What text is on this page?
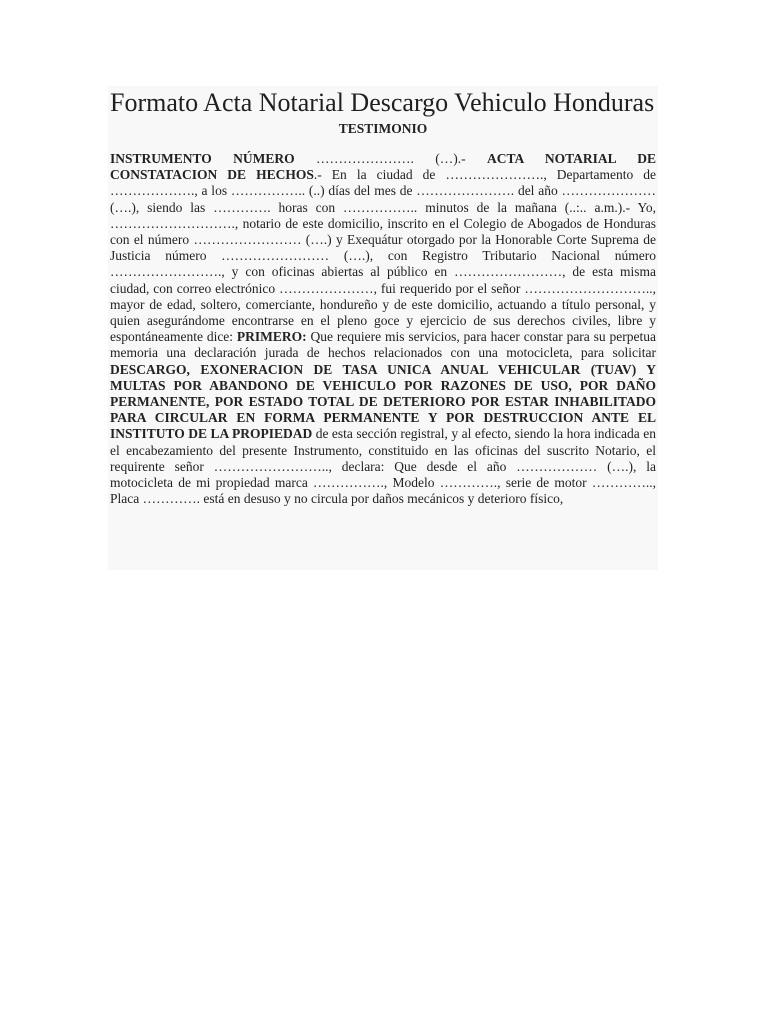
Formato Acta Notarial Descargo Vehiculo Honduras
TESTIMONIO

INSTRUMENTO NÚMERO …………………. (…).- ACTA NOTARIAL DE CONSTATACION DE HECHOS.- En la ciudad de …………………., Departamento de ………………., a los …………….. (..) días del mes de …………………. del año ………………… (….), siendo las …………. horas con …………….. minutos de la mañana (..:.. a.m.).- Yo, ………………………., notario de este domicilio, inscrito en el Colegio de Abogados de Honduras con el número …………………… (….) y Exequátur otorgado por la Honorable Corte Suprema de Justicia número …………………… (….), con Registro Tributario Nacional número ……………………., y con oficinas abiertas al público en ……………………, de esta misma ciudad, con correo electrónico …………………, fui requerido por el señor ……………………….., mayor de edad, soltero, comerciante, hondureño y de este domicilio, actuando a título personal, y quien asegurándome encontrarse en el pleno goce y ejercicio de sus derechos civiles, libre y espontáneamente dice: PRIMERO: Que requiere mis servicios, para hacer constar para su perpetua memoria una declaración jurada de hechos relacionados con una motocicleta, para solicitar DESCARGO, EXONERACION DE TASA UNICA ANUAL VEHICULAR (TUAV) Y MULTAS POR ABANDONO DE VEHICULO POR RAZONES DE USO, POR DAÑO PERMANENTE, POR ESTADO TOTAL DE DETERIORO POR ESTAR INHABILITADO PARA CIRCULAR EN FORMA PERMANENTE Y POR DESTRUCCION ANTE EL INSTITUTO DE LA PROPIEDAD de esta sección registral, y al efecto, siendo la hora indicada en el encabezamiento del presente Instrumento, constituido en las oficinas del suscrito Notario, el requirente señor …………………….., declara: Que desde el año ……………… (….), la motocicleta de mi propiedad marca ……………., Modelo …………., serie de motor ………….., Placa …………. está en desuso y no circula por daños mecánicos y deterioro físico,
